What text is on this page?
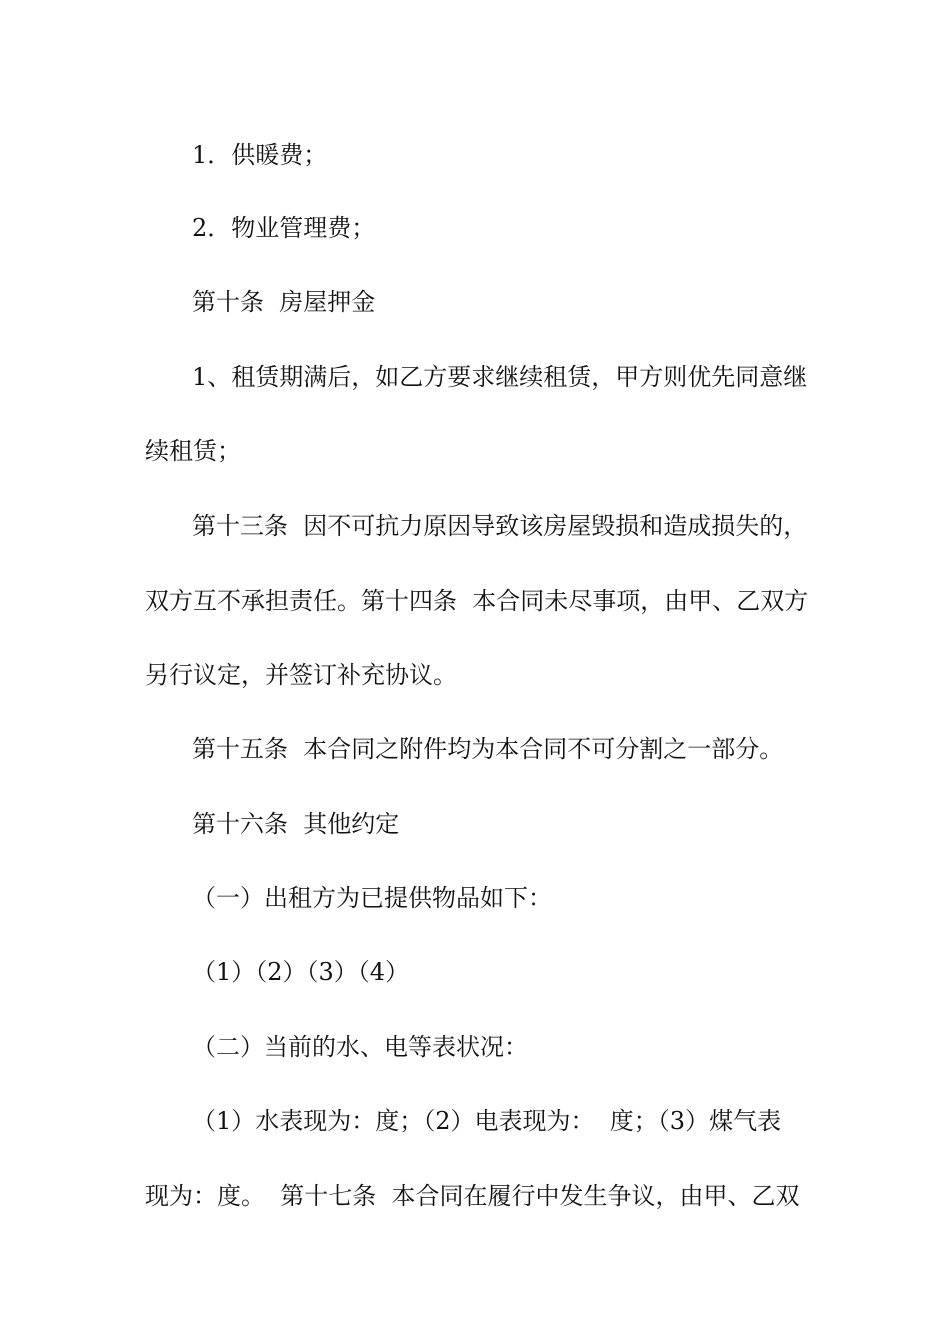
1．供暖费；

2．物业管理费；

第十条  房屋押金

1、租赁期满后，如乙方要求继续租赁，甲方则优先同意继

续租赁；

第十三条  因不可抗力原因导致该房屋毁损和造成损失的，

双方互不承担责任。第十四条  本合同未尽事项，由甲、乙双方

另行议定，并签订补充协议。

第十五条  本合同之附件均为本合同不可分割之一部分。

第十六条  其他约定

（一）出租方为已提供物品如下：

（1）（2）（3）（4）

（二）当前的水、电等表状况：

（1）水表现为：度；（2）电表现为：  度；（3）煤气表

现为：度。  第十七条  本合同在履行中发生争议，由甲、乙双
